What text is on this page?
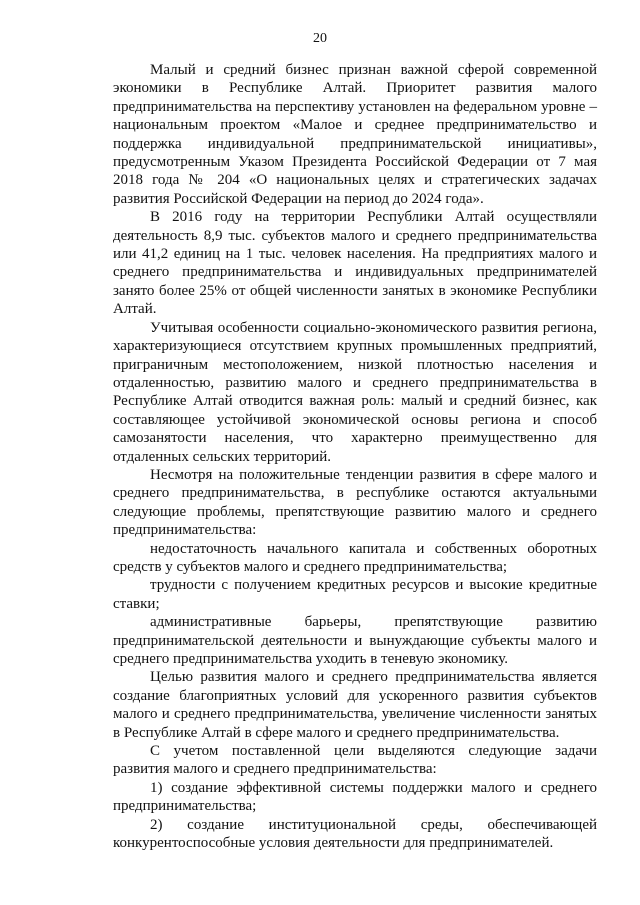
20

Малый и средний бизнес признан важной сферой современной экономики в Республике Алтай. Приоритет развития малого предпринимательства на перспективу установлен на федеральном уровне – национальным проектом «Малое и среднее предпринимательство и поддержка индивидуальной предпринимательской инициативы», предусмотренным Указом Президента Российской Федерации от 7 мая 2018 года № 204 «О национальных целях и стратегических задачах развития Российской Федерации на период до 2024 года».

В 2016 году на территории Республики Алтай осуществляли деятельность 8,9 тыс. субъектов малого и среднего предпринимательства или 41,2 единиц на 1 тыс. человек населения. На предприятиях малого и среднего предпринимательства и индивидуальных предпринимателей занято более 25% от общей численности занятых в экономике Республики Алтай.

Учитывая особенности социально-экономического развития региона, характеризующиеся отсутствием крупных промышленных предприятий, приграничным местоположением, низкой плотностью населения и отдаленностью, развитию малого и среднего предпринимательства в Республике Алтай отводится важная роль: малый и средний бизнес, как составляющее устойчивой экономической основы региона и способ самозанятости населения, что характерно преимущественно для отдаленных сельских территорий.

Несмотря на положительные тенденции развития в сфере малого и среднего предпринимательства, в республике остаются актуальными следующие проблемы, препятствующие развитию малого и среднего предпринимательства:

недостаточность начального капитала и собственных оборотных средств у субъектов малого и среднего предпринимательства;

трудности с получением кредитных ресурсов и высокие кредитные ставки;

административные барьеры, препятствующие развитию предпринимательской деятельности и вынуждающие субъекты малого и среднего предпринимательства уходить в теневую экономику.

Целью развития малого и среднего предпринимательства является создание благоприятных условий для ускоренного развития субъектов малого и среднего предпринимательства, увеличение численности занятых в Республике Алтай в сфере малого и среднего предпринимательства.

С учетом поставленной цели выделяются следующие задачи развития малого и среднего предпринимательства:

1) создание эффективной системы поддержки малого и среднего предпринимательства;

2) создание институциональной среды, обеспечивающей конкурентоспособные условия деятельности для предпринимателей.
